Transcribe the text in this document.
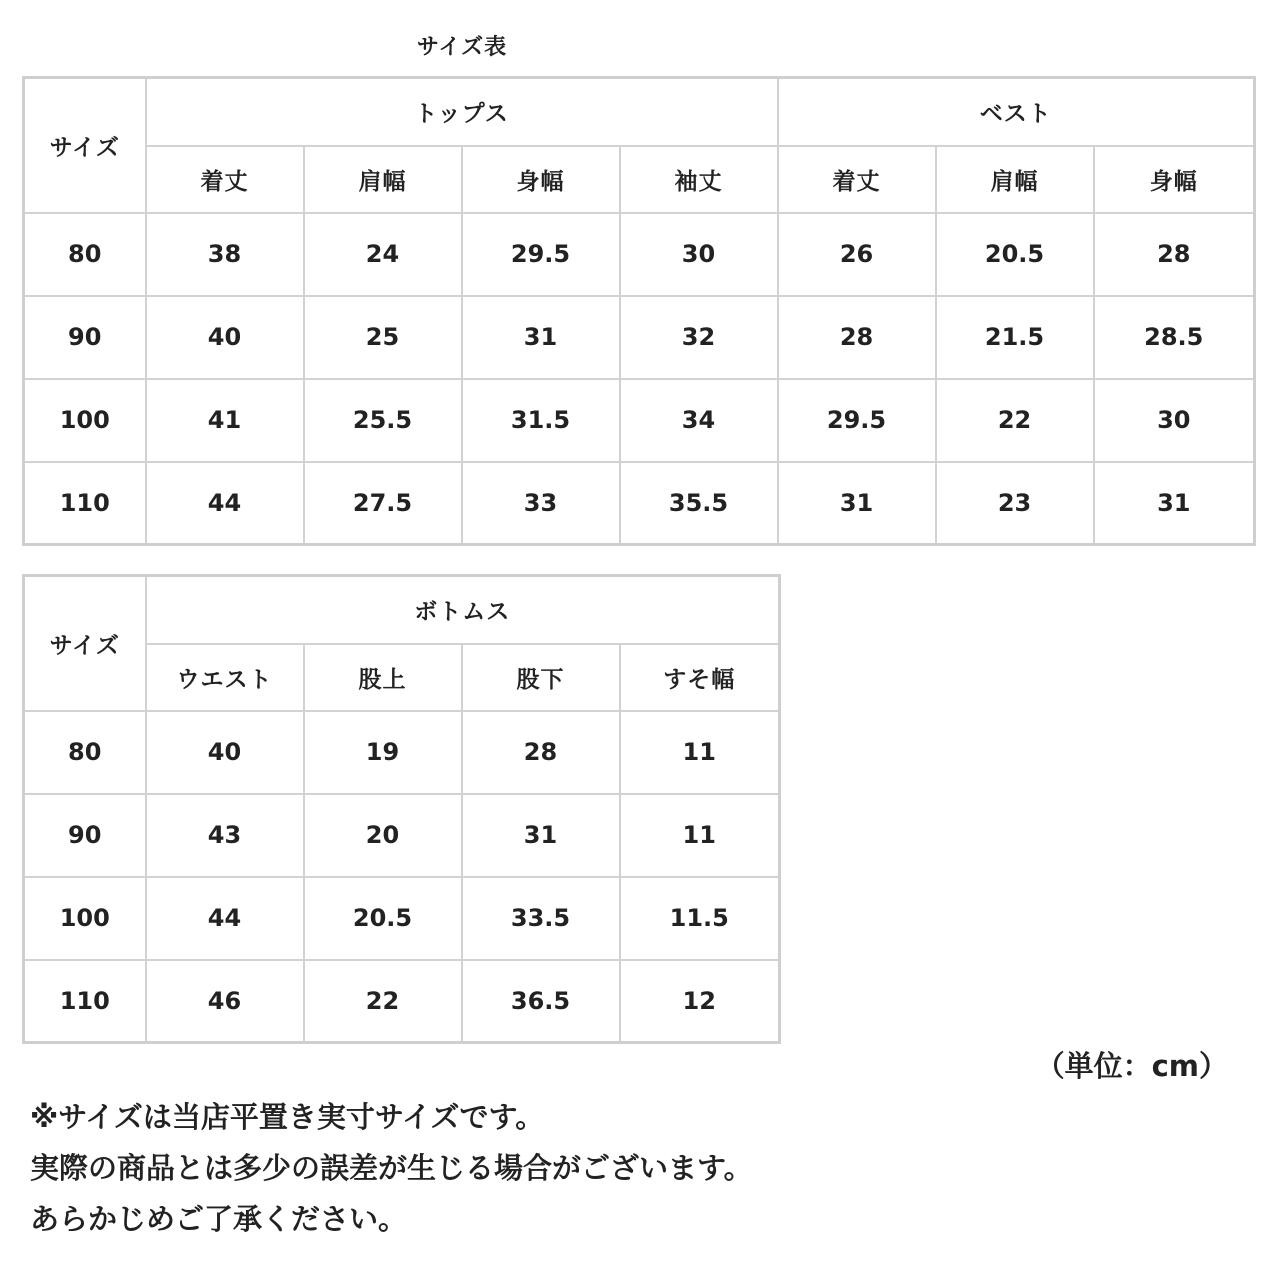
サイズ表
サイズ	トップス				ベスト		
	着丈	肩幅	身幅	袖丈	着丈	肩幅	身幅
80	38	24	29.5	30	26	20.5	28
90	40	25	31	32	28	21.5	28.5
100	41	25.5	31.5	34	29.5	22	30
110	44	27.5	33	35.5	31	23	31
サイズ	ボトムス			
	ウエスト	股上	股下	すそ幅
80	40	19	28	11
90	43	20	31	11
100	44	20.5	33.5	11.5
110	46	22	36.5	12
（単位：cm）
※サイズは当店平置き実寸サイズです。
実際の商品とは多少の誤差が生じる場合がございます。
あらかじめご了承ください。
